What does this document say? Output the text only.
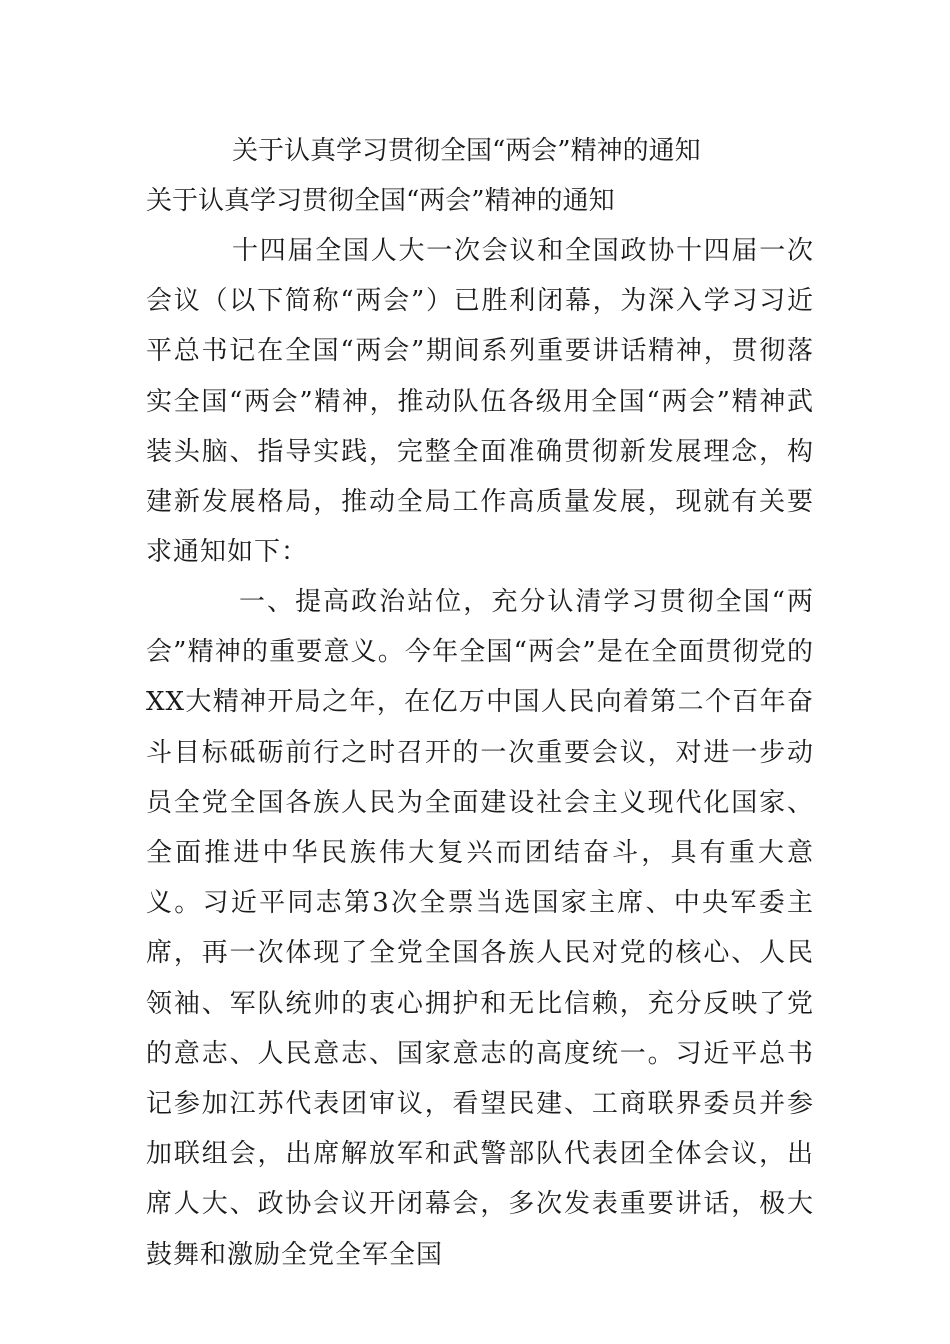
关于认真学习贯彻全国“两会”精神的通知
关于认真学习贯彻全国“两会”精神的通知

十四届全国人大一次会议和全国政协十四届一次会议（以下简称“两会”）已胜利闭幕，为深入学习习近平总书记在全国“两会”期间系列重要讲话精神，贯彻落实全国“两会”精神，推动队伍各级用全国“两会”精神武装头脑、指导实践，完整全面准确贯彻新发展理念，构建新发展格局，推动全局工作高质量发展，现就有关要求通知如下：

一、提高政治站位，充分认清学习贯彻全国“两会”精神的重要意义。今年全国“两会”是在全面贯彻党的XX大精神开局之年，在亿万中国人民向着第二个百年奋斗目标砥砺前行之时召开的一次重要会议，对进一步动员全党全国各族人民为全面建设社会主义现代化国家、全面推进中华民族伟大复兴而团结奋斗，具有重大意义。习近平同志第3次全票当选国家主席、中央军委主席，再一次体现了全党全国各族人民对党的核心、人民领袖、军队统帅的衷心拥护和无比信赖，充分反映了党的意志、人民意志、国家意志的高度统一。习近平总书记参加江苏代表团审议，看望民建、工商联界委员并参加联组会，出席解放军和武警部队代表团全体会议，出席人大、政协会议开闭幕会，多次发表重要讲话，极大鼓舞和激励全党全军全国
